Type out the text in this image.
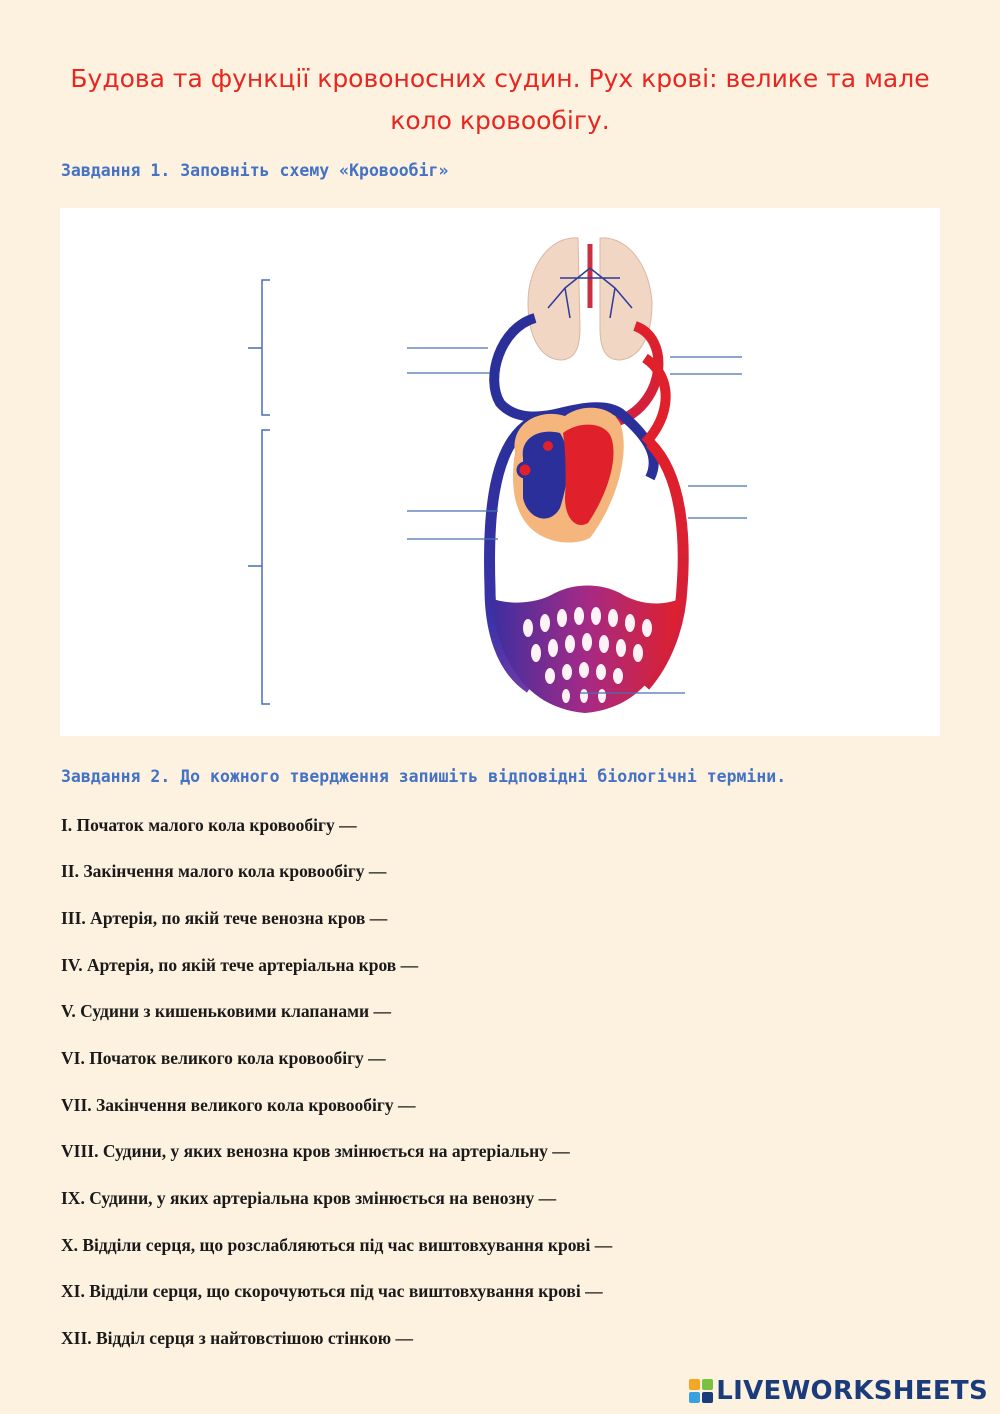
Будова та функції кровоносних судин. Рух крові: велике та мале коло кровообігу.
Завдання 1. Заповніть схему «Кровообіг»
Завдання 2. До кожного твердження запишіть відповідні біологічні терміни.
I. Початок малого кола кровообігу —
II. Закінчення малого кола кровообігу —
III. Артерія, по якій тече венозна кров —
IV. Артерія, по якій тече артеріальна кров —
V. Судини з кишеньковими клапанами —
VI. Початок великого кола кровообігу —
VII. Закінчення великого кола кровообігу —
VIII. Судини, у яких венозна кров змінюється на артеріальну —
IX. Судини, у яких артеріальна кров змінюється на венозну —
X. Відділи серця, що розслабляються під час виштовхування крові —
XI. Відділи серця, що скорочуються під час виштовхування крові —
XII. Відділ серця з найтовстішою стінкою —
LIVEWORKSHEETS
